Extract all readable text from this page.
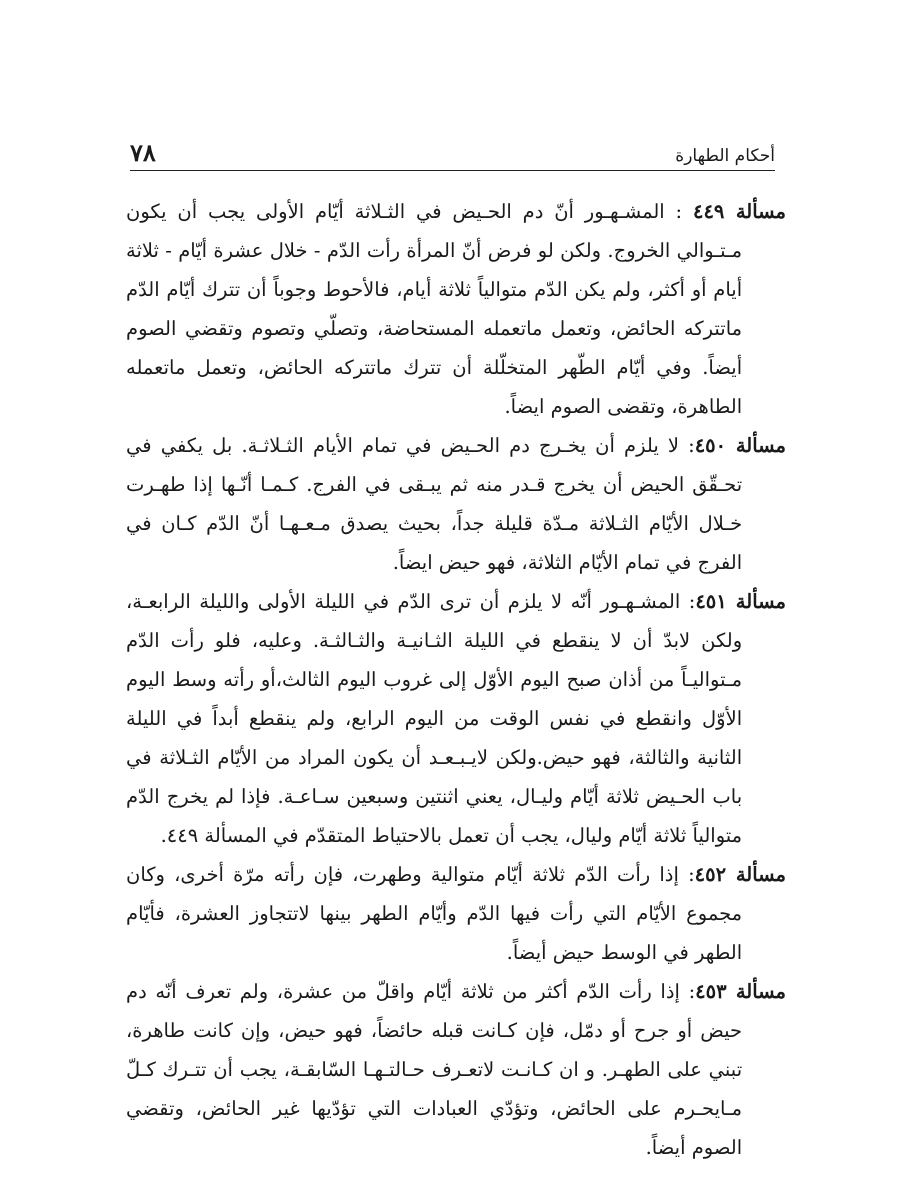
٧٨	أحكام الطهارة

مسألة ٤٤٩ : المشـهـور أنّ دم الحـيض في الثـلاثة أيّام الأولى يجب أن يكون مـتـوالي الخروج. ولكن لو فرض أنّ المرأة رأت الدّم - خلال عشرة أيّام - ثلاثة أيام أو أكثر، ولم يكن الدّم متوالياً ثلاثة أيام، فالأحوط وجوباً أن تترك أيّام الدّم ماتتركه الحائض، وتعمل ماتعمله المستحاضة، وتصلّي وتصوم وتقضي الصوم أيضاً. وفي أيّام الطّهر المتخلّلة أن تترك ماتتركه الحائض، وتعمل ماتعمله الطاهرة، وتقضى الصوم ايضاً.

مسألة ٤٥٠: لا يلزم أن يخـرج دم الحـيض في تمام الأيام الثـلاثـة. بل يكفي في تحـقّق الحيض أن يخرج قـدر منه ثم يبـقى في الفرج. كـمـا أنّـها إذا طهـرت خـلال الأيّام الثـلاثة مـدّة قليلة جداً، بحيث يصدق مـعـهـا أنّ الدّم كـان في الفرج في تمام الأيّام الثلاثة، فهو حيض ايضاً.

مسألة ٤٥١: المشـهـور أنّه لا يلزم أن ترى الدّم في الليلة الأولى والليلة الرابعـة، ولكن لابدّ أن لا ينقطع في الليلة الثـانيـة والثـالثـة. وعليه، فلو رأت الدّم مـتواليـاً من أذان صبح اليوم الأوّل إلى غروب اليوم الثالث،أو رأته وسط اليوم الأوّل وانقطع في نفس الوقت من اليوم الرابع، ولم ينقطع أبداً في الليلة الثانية والثالثة، فهو حيض.ولكن لايـبـعـد أن يكون المراد من الأيّام الثـلاثة في باب الحـيض ثلاثة أيّام وليـال، يعني اثنتين وسبعين سـاعـة. فإذا لم يخرج الدّم متوالياً ثلاثة أيّام وليال، يجب أن تعمل بالاحتياط المتقدّم في المسألة ٤٤٩.

مسألة ٤٥٢: إذا رأت الدّم ثلاثة أيّام متوالية وطهرت، فإن رأته مرّة أخرى، وكان مجموع الأيّام التي رأت فيها الدّم وأيّام الطهر بينها لاتتجاوز العشرة، فأيّام الطهر في الوسط حيض أيضاً.

مسألة ٤٥٣: إذا رأت الدّم أكثر من ثلاثة أيّام واقلّ من عشرة، ولم تعرف أنّه دم حيض أو جرح أو دمّل، فإن كـانت قبله حائضاً، فهو حيض، وإن كانت طاهرة، تبني على الطهـر. و ان كـانـت لاتعـرف حـالتـهـا السّابقـة، يجب أن تتـرك كـلّ مـايحـرم على الحائض، وتؤدّي العبادات التي تؤدّيها غير الحائض، وتقضي الصوم أيضاً.
